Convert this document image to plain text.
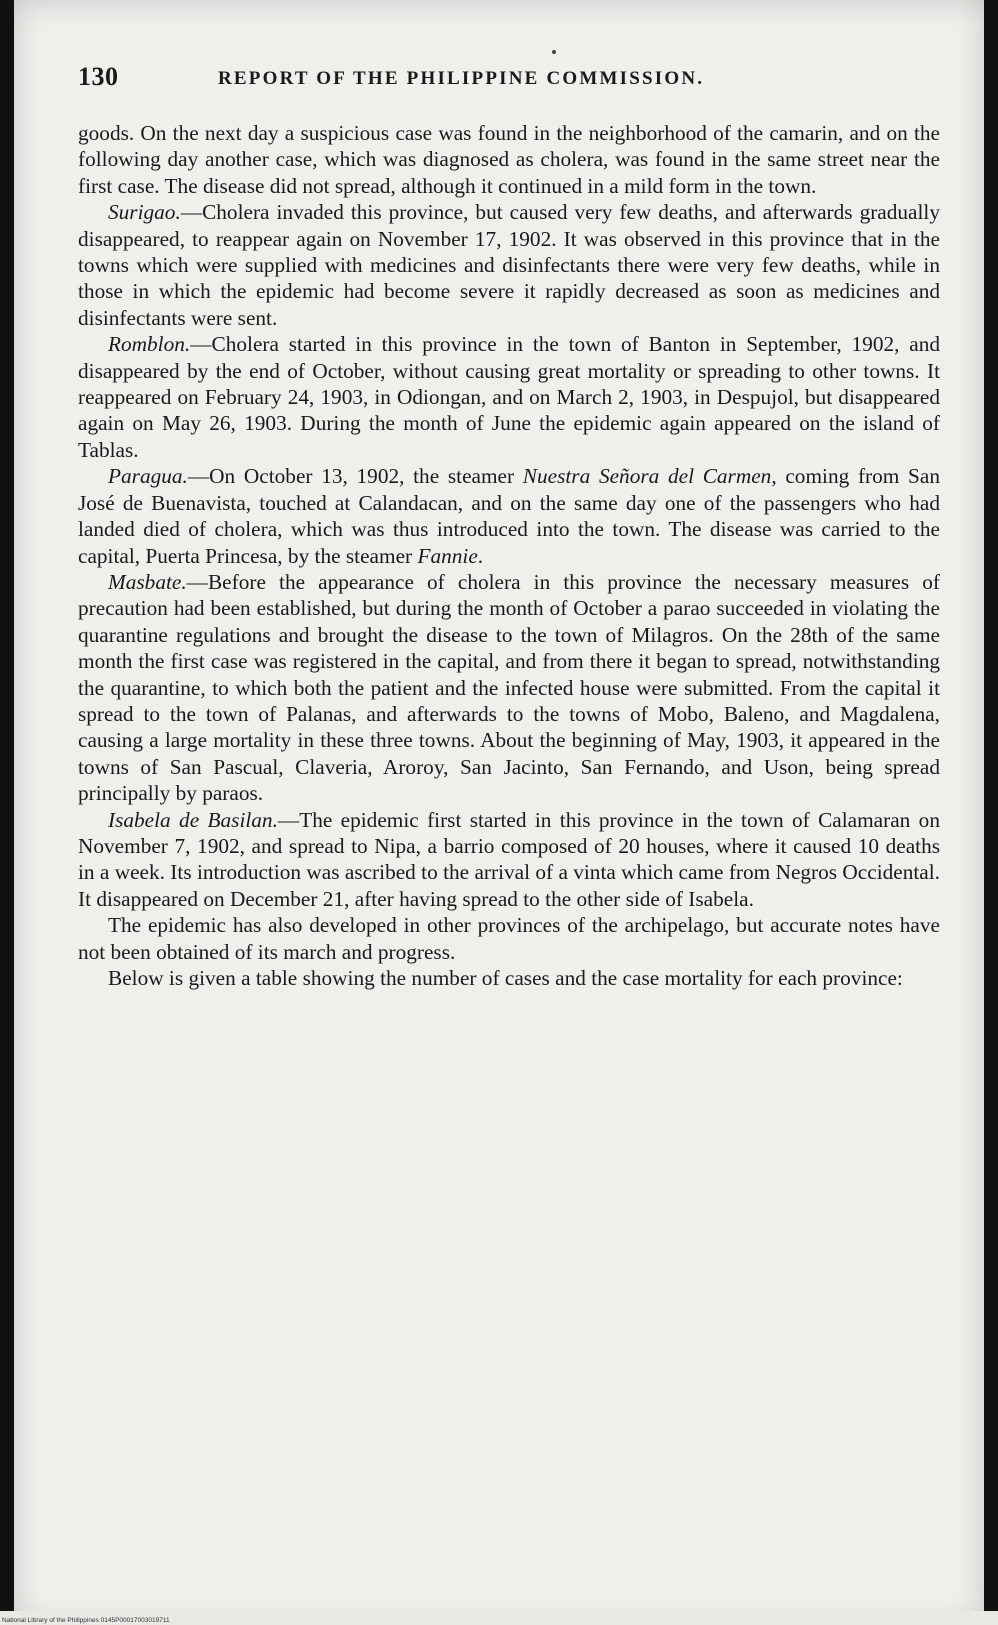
130	REPORT OF THE PHILIPPINE COMMISSION.

goods. On the next day a suspicious case was found in the neighborhood of the camarin, and on the following day another case, which was diagnosed as cholera, was found in the same street near the first case. The disease did not spread, although it continued in a mild form in the town.

Surigao.—Cholera invaded this province, but caused very few deaths, and afterwards gradually disappeared, to reappear again on November 17, 1902. It was observed in this province that in the towns which were supplied with medicines and disinfectants there were very few deaths, while in those in which the epidemic had become severe it rapidly decreased as soon as medicines and disinfectants were sent.

Romblon.—Cholera started in this province in the town of Banton in September, 1902, and disappeared by the end of October, without causing great mortality or spreading to other towns. It reappeared on February 24, 1903, in Odiongan, and on March 2, 1903, in Despujol, but disappeared again on May 26, 1903. During the month of June the epidemic again appeared on the island of Tablas.

Paragua.—On October 13, 1902, the steamer Nuestra Señora del Carmen, coming from San José de Buenavista, touched at Calandacan, and on the same day one of the passengers who had landed died of cholera, which was thus introduced into the town. The disease was carried to the capital, Puerta Princesa, by the steamer Fannie.

Masbate.—Before the appearance of cholera in this province the necessary measures of precaution had been established, but during the month of October a parao succeeded in violating the quarantine regulations and brought the disease to the town of Milagros. On the 28th of the same month the first case was registered in the capital, and from there it began to spread, notwithstanding the quarantine, to which both the patient and the infected house were submitted. From the capital it spread to the town of Palanas, and afterwards to the towns of Mobo, Baleno, and Magdalena, causing a large mortality in these three towns. About the beginning of May, 1903, it appeared in the towns of San Pascual, Claveria, Aroroy, San Jacinto, San Fernando, and Uson, being spread principally by paraos.

Isabela de Basilan.—The epidemic first started in this province in the town of Calamaran on November 7, 1902, and spread to Nipa, a barrio composed of 20 houses, where it caused 10 deaths in a week. Its introduction was ascribed to the arrival of a vinta which came from Negros Occidental. It disappeared on December 21, after having spread to the other side of Isabela.

The epidemic has also developed in other provinces of the archipelago, but accurate notes have not been obtained of its march and progress.

Below is given a table showing the number of cases and the case mortality for each province:

National Library of the Philippines 0145P00017003019711
